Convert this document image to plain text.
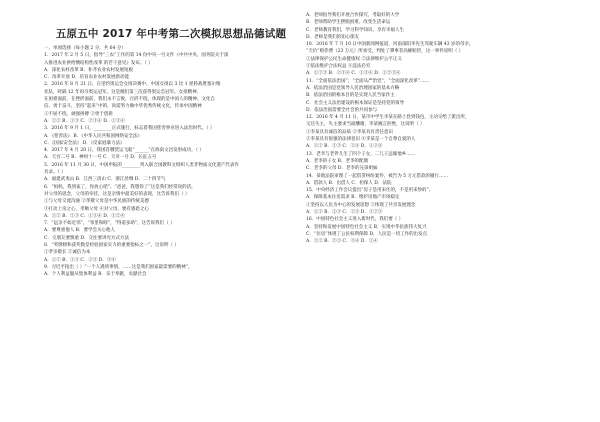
五原五中 2017 年中考第二次模拟思想品德试题
一、单项选择（每小题 2 分，共 64 分）
1．2017 年 2 月 5 日，指导“三农”工作的第 14 份中央一号文件《中共中央、国务院关于深
入推进农业供给侧结构性改革 的若干意见》发布。（ ）
A．深化农村改革 B．补齐农业农村发展短板
C．改革开放 D．培育农业农村发展新动能
2．2016 年 8 月 21 日，在里约奥运会女排决赛中，中国女排以 3 比 1 逆转战胜塞尔维
亚队，时隔 12 年再夺奥运冠军，这是她们第三次获得奥运会冠军。女排精神，
在困难面前，在挫折面前，我们永不言败，百折不挠，体现的是中国人的精神、文化自
信。勇于奋斗，坚持“起来”中的，尚需努力做中华优秀传统文化，传承中国精神
①不屈不挠，顽强拼搏 ②勇于创新
A．①② B．①③ C．②③④ D．①③④
3．2016 年 9 月 1 日，________正式施行，标志着我国慈善事业进入法治时代。（ ）
A．《慈善法》 B．《中华人民共和国网络安全法》
C．《国家安全法》 D．《反家庭暴力法》
4．2017 年 4 月 20 日，我国首艘货运飞船“______”在海南文昌发射成功。（ ）
A．天宫二号 B．神州十一号 C．天舟一号 D．长征五号
5．2016 年 11 月 30 日，中国申报的________列入联合国教科文组织人类非物质文化遗产代表作
名录。（ ）
A．福建武夷山 B．江西三清山 C．浙江丝绸 D．二十四节气
6．“妈妈，我到家了，你放心吧”、“爸爸，我想你了”这是我们经常说的话。
对父母的思念，父母的牵挂，这是亲情中最美好的表现，这告诉我们（ ）
①与父母交流沟通 ②孝敬父母是中华民族的传统美德
③打动上帝之心，孝顺父母 ④对父母，要有感恩之心
A．①② B．②③ C．①③④ D．①②④
7．“远亲不如近邻”，“邻里和睦”，“得道多助”，这告诉我们（ ）
A．要尊重他人 B．要学会关心他人
C．交朋友要慎重 D．交往要讲究方式方法
8．“奖牌榜和获奖数是检验国家实力的重要指标之一”，这说明（ ）
①孝亲敬长 ②诚信为本
A．①② B．①③ C．②③ D．③④
9．习近平指出（ ）“一个人遇到事情，……这是我们国家最需要的精神”。
A．个人利益服从集体利益 B．乐于奉献，贡献社会
A．老师指导我们开展合作探究，考取好的大学
B．老师帮助学生摆脱困难，改变生活命运
C．老师教育我们，学习科学知识，享有幸福人生
D．老师是我们的知心朋友
10．2016 年 7 月 10 日中国新闻网报道，河南南阳李先生驾驶车辆 43 岁的母亲，
“天价”赔偿费（23 万元）所承受，判处了肇事者高额赔偿，这一事件说明（ ）
①法律保护公民生命健康权 ②法律维护公平正义
③依法维护合法权益 ④违法必究
A．①②③ B．②③④ C．①③④ D．①②③④
11．“全面依法治国”，“全面从严治党”，“全面深化改革”……
A．依法治国是党领导人民治理国家的基本方略
B．依法治国的根本目的是实现人民当家作主
C．社会主义法治建设的根本保证是坚持党的领导
D．依法治国需要全社会的共同参与
12．2016 年 4 月 11 日，某市中学生李某在路上捡到钱包，主动交给了派出所，
交还失主，失主要求当面酬谢，李某婉言拒绝，这说明（ ）
①李某具有诚信的品质 ②李某具有责任意识
③李某具有很强的法律意识 ④李某是一个自尊自爱的人
A．①② B．①③ C．②④ D．①②④
13．老李与老伴儿生了四个子女，二儿子远嫁他乡……
A．老李的子女 B．老李的配偶
C．老李的父母 D．老李的兄弟姐妹
14．某地法院审理了一起借贷纠纷案件，被告为 5 万元借款的履行……
A．借款人 B．出借人 C．担保人 D．法院
15．中央经济工作会议提出“房子是用来住的，不是用来炒的”。
A．保障基本住房需求 B．维护房地产市场稳定
①坚持以人民为中心的发展思想 ②体现了共享发展理念
A．①② B．①③ C．②③ D．①②③
16．中国特色社会主义进入新时代，我们要（ ）
A．坚持和发展中国特色社会主义 B．实现中华民族伟大复兴
C．“住房”体现了公民权利保障 D．人民是一切工作的出发点
A．①② B．②③ C．③④ D．①④
